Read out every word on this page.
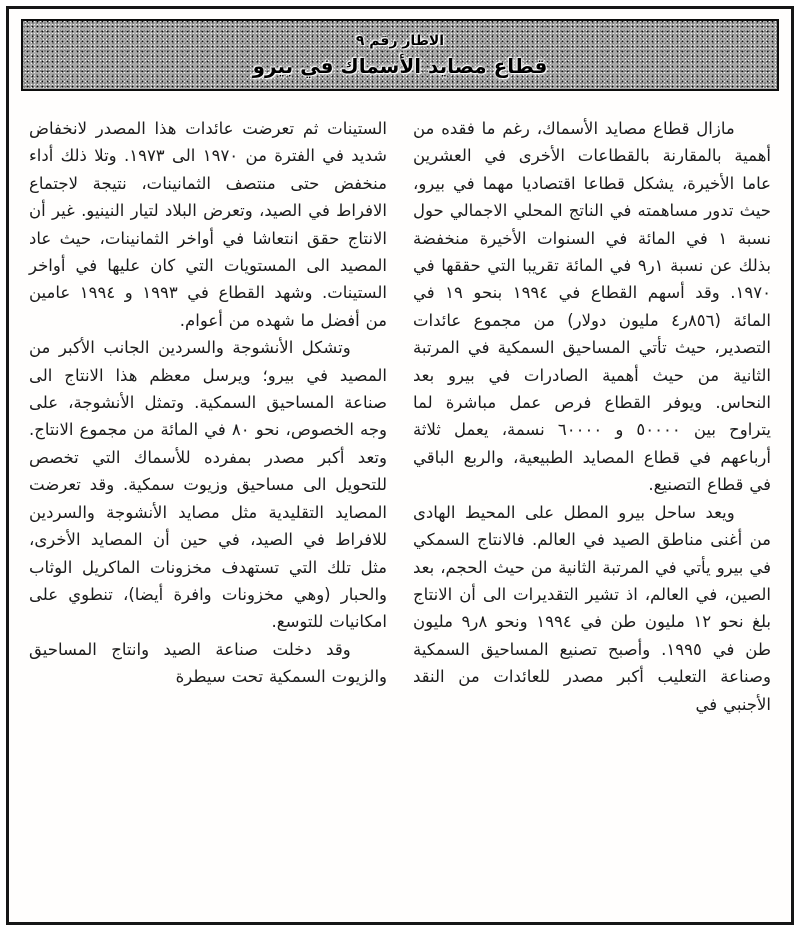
الاطار رقم ٩
قطاع مصايد الأسماك في بيرو

مازال قطاع مصايد الأسماك، رغم ما فقده من أهمية بالمقارنة بالقطاعات الأخرى في العشرين عاما الأخيرة، يشكل قطاعا اقتصاديا مهما في بيرو، حيث تدور مساهمته في الناتج المحلي الاجمالي حول نسبة ١ في المائة في السنوات الأخيرة منخفضة بذلك عن نسبة ١ر٩ في المائة تقريبا التي حققها في ١٩٧٠. وقد أسهم القطاع في ١٩٩٤ بنحو ١٩ في المائة (٨٥٦ر٤ مليون دولار) من مجموع عائدات التصدير، حيث تأتي المساحيق السمكية في المرتبة الثانية من حيث أهمية الصادرات في بيرو بعد النحاس. ويوفر القطاع فرص عمل مباشرة لما يتراوح بين ٥٠٠٠٠ و ٦٠٠٠٠ نسمة، يعمل ثلاثة أرباعهم في قطاع المصايد الطبيعية، والربع الباقي في قطاع التصنيع.

ويعد ساحل بيرو المطل على المحيط الهادى من أغنى مناطق الصيد في العالم. فالانتاج السمكي في بيرو يأتي في المرتبة الثانية من حيث الحجم، بعد الصين، في العالم، اذ تشير التقديرات الى أن الانتاج بلغ نحو ١٢ مليون طن في ١٩٩٤ ونحو ٨ر٩ مليون طن في ١٩٩٥. وأصبح تصنيع المساحيق السمكية وصناعة التعليب أكبر مصدر للعائدات من النقد الأجنبي في

الستينات ثم تعرضت عائدات هذا المصدر لانخفاض شديد في الفترة من ١٩٧٠ الى ١٩٧٣. وتلا ذلك أداء منخفض حتى منتصف الثمانينات، نتيجة لاجتماع الافراط في الصيد، وتعرض البلاد لتيار النينيو. غير أن الانتاج حقق انتعاشا في أواخر الثمانينات، حيث عاد المصيد الى المستويات التي كان عليها في أواخر الستينات. وشهد القطاع في ١٩٩٣ و ١٩٩٤ عامين من أفضل ما شهده من أعوام.

وتشكل الأنشوجة والسردين الجانب الأكبر من المصيد في بيرو؛ ويرسل معظم هذا الانتاج الى صناعة المساحيق السمكية. وتمثل الأنشوجة، على وجه الخصوص، نحو ٨٠ في المائة من مجموع الانتاج. وتعد أكبر مصدر بمفرده للأسماك التي تخصص للتحويل الى مساحيق وزيوت سمكية. وقد تعرضت المصايد التقليدية مثل مصايد الأنشوجة والسردين للافراط في الصيد، في حين أن المصايد الأخرى، مثل تلك التي تستهدف مخزونات الماكريل الوثاب والحبار (وهي مخزونات وافرة أيضا)، تنطوي على امكانيات للتوسع.

وقد دخلت صناعة الصيد وانتاج المساحيق والزيوت السمكية تحت سيطرة
